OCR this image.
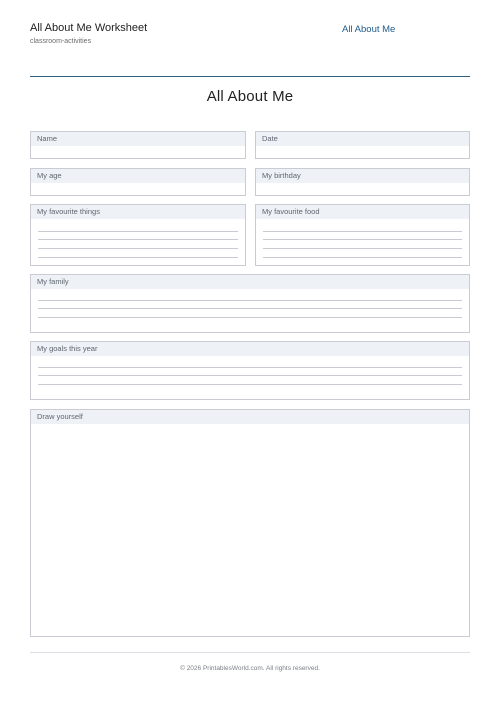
All About Me Worksheet
classroom-activities
All About Me
All About Me
Name	Date
My age	My birthday
My favourite things	My favourite food
My family
My goals this year
Draw yourself
© 2026 PrintablesWorld.com. All rights reserved.
